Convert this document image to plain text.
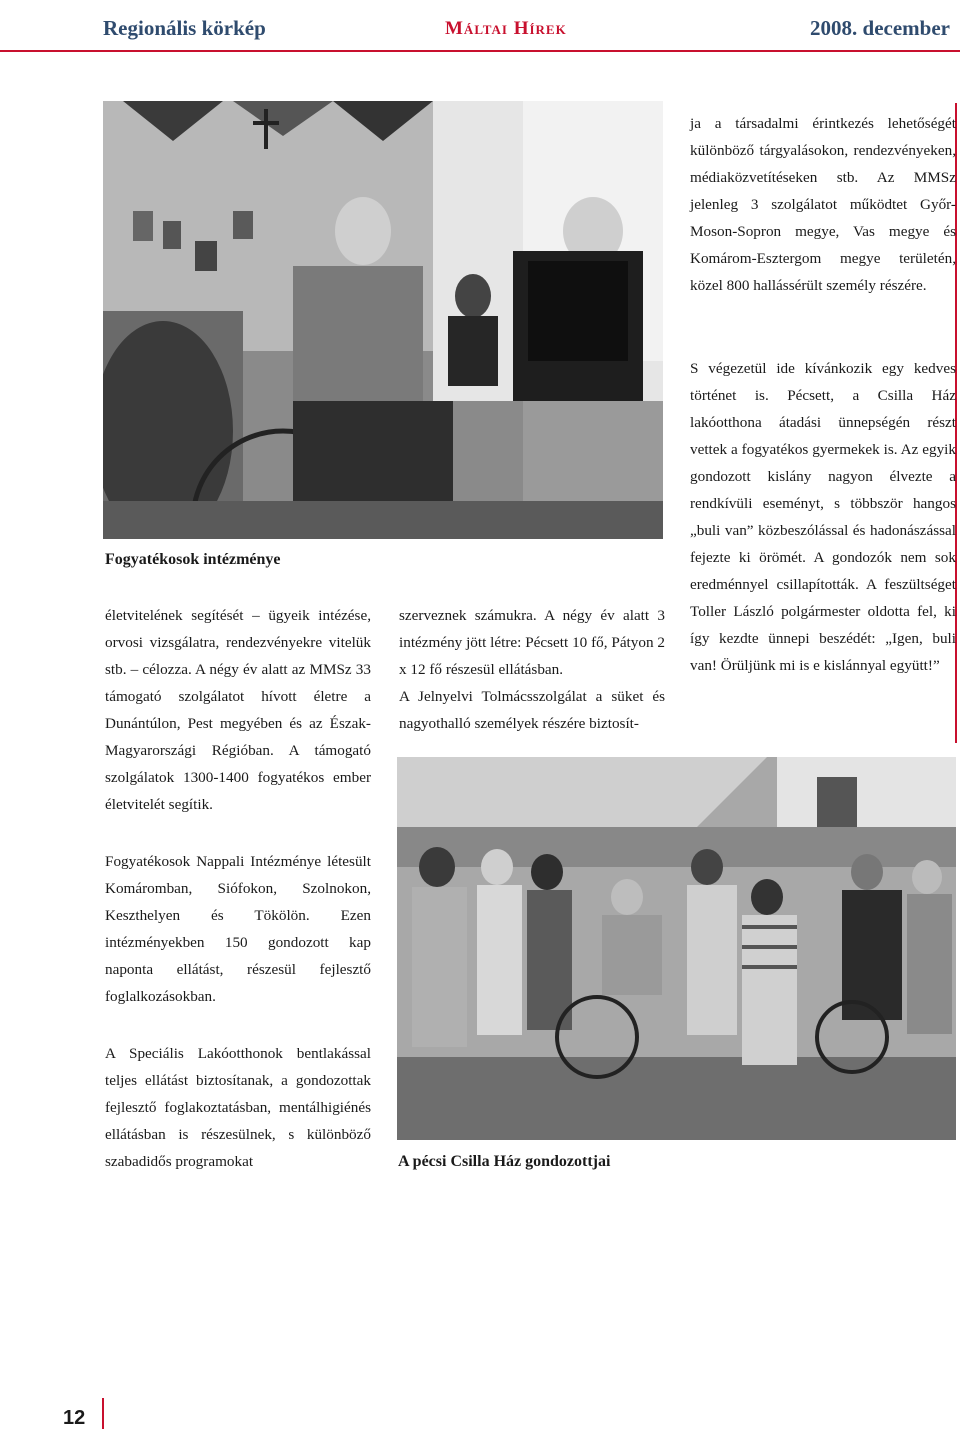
Regionális körkép	Máltai Hírek	2008. december
Fogyatékosok intézménye

ja a társadalmi érintkezés lehetőségét különböző tárgyalásokon, rendezvényeken, médiaközvetítéseken stb. Az MMSz jelenleg 3 szolgálatot működtet Győr-Moson-Sopron megye, Vas megye és Komárom-Esztergom megye területén, közel 800 hallássérült személy részére.

S végezetül ide kívánkozik egy kedves történet is. Pécsett, a Csilla Ház lakóotthona átadási ünnepségén részt vettek a fogyatékos gyermekek is. Az egyik gondozott kislány nagyon élvezte a rendkívüli eseményt, s többször hangos „buli van” közbeszólással és hadonászással fejezte ki örömét. A gondozók nem sok eredménnyel csillapították. A feszültséget Toller László polgármester oldotta fel, ki így kezdte ünnepi beszédét: „Igen, buli van! Örüljünk mi is e kislánnyal együtt!”

életvitelének segítését – ügyeik intézése, orvosi vizsgálatra, rendezvényekre vitelük stb. – célozza. A négy év alatt az MMSz 33 támogató szolgálatot hívott életre a Dunántúlon, Pest megyében és az Észak-Magyarországi Régióban. A támogató szolgálatok 1300-1400 fogyatékos ember életvitelét segítik.

Fogyatékosok Nappali Intézménye létesült Komáromban, Siófokon, Szolnokon, Keszthelyen és Tökölön. Ezen intézményekben 150 gondozott kap naponta ellátást, részesül fejlesztő foglalkozásokban.

A Speciális Lakóotthonok bentlakással teljes ellátást biztosítanak, a gondozottak fejlesztő foglakoztatásban, mentálhigiénés ellátásban is részesülnek, s különböző szabadidős programokat

szerveznek számukra. A négy év alatt 3 intézmény jött létre: Pécsett 10 fő, Pátyon 2 x 12 fő részesül ellátásban.

A Jelnyelvi Tolmácsszolgálat a süket és nagyothalló személyek részére biztosít-

A pécsi Csilla Ház gondozottjai
12
